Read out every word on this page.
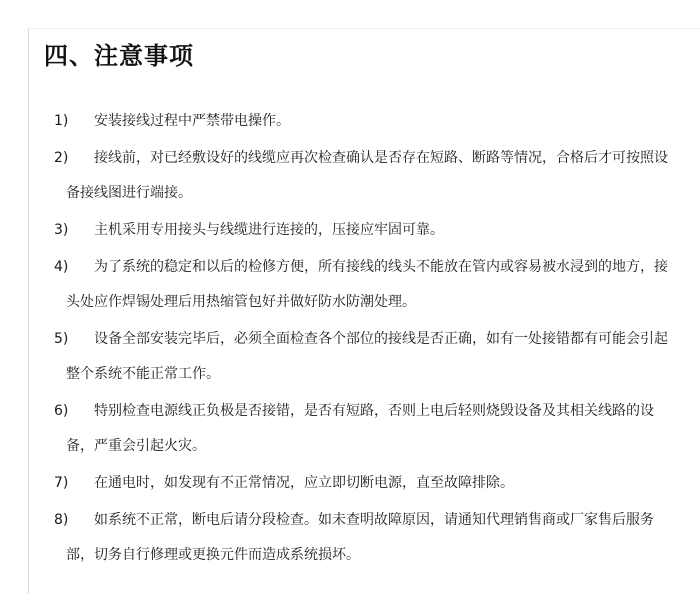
四、注意事项
1)	安装接线过程中严禁带电操作。
2)	接线前，对已经敷设好的线缆应再次检查确认是否存在短路、断路等情况，合格后才可按照设备接线图进行端接。
3)	主机采用专用接头与线缆进行连接的，压接应牢固可靠。
4)	为了系统的稳定和以后的检修方便，所有接线的线头不能放在管内或容易被水浸到的地方，接头处应作焊锡处理后用热缩管包好并做好防水防潮处理。
5)	设备全部安装完毕后，必须全面检查各个部位的接线是否正确，如有一处接错都有可能会引起整个系统不能正常工作。
6)	特别检查电源线正负极是否接错，是否有短路，否则上电后轻则烧毁设备及其相关线路的设备，严重会引起火灾。
7)	在通电时，如发现有不正常情况，应立即切断电源，直至故障排除。
8)	如系统不正常，断电后请分段检查。如未查明故障原因，请通知代理销售商或厂家售后服务部，切务自行修理或更换元件而造成系统损坏。
